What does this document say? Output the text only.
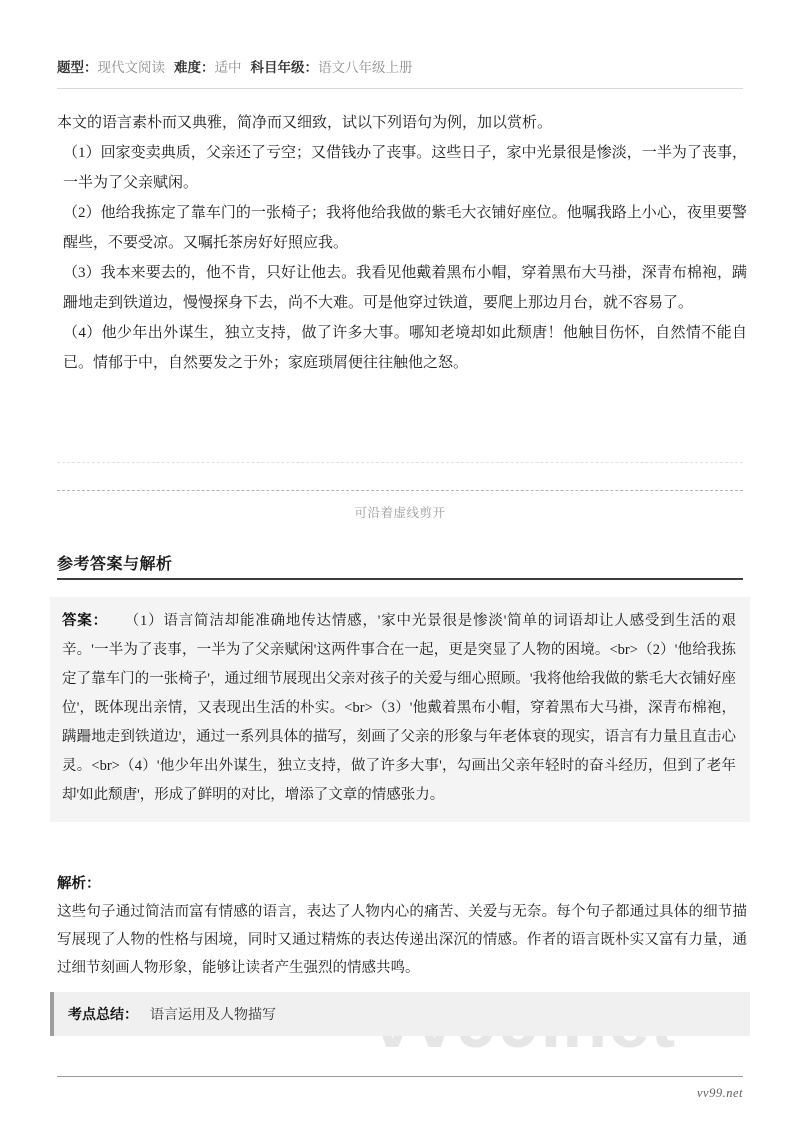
题型：现代文阅读 难度：适中 科目年级：语文八年级上册

本文的语言素朴而又典雅，简净而又细致，试以下列语句为例，加以赏析。

（1）回家变卖典质，父亲还了亏空；又借钱办了丧事。这些日子，家中光景很是惨淡，一半为了丧事，一半为了父亲赋闲。

（2）他给我拣定了靠车门的一张椅子；我将他给我做的紫毛大衣铺好座位。他嘱我路上小心，夜里要警醒些，不要受凉。又嘱托茶房好好照应我。

（3）我本来要去的，他不肯，只好让他去。我看见他戴着黑布小帽，穿着黑布大马褂，深青布棉袍，蹒跚地走到铁道边，慢慢探身下去，尚不大难。可是他穿过铁道，要爬上那边月台，就不容易了。

（4）他少年出外谋生，独立支持，做了许多大事。哪知老境却如此颓唐！他触目伤怀，自然情不能自已。情郁于中，自然要发之于外；家庭琐屑便往往触他之怒。

可沿着虚线剪开
参考答案与解析
答案： （1）语言简洁却能准确地传达情感，'家中光景很是惨淡'简单的词语却让人感受到生活的艰辛。'一半为了丧事，一半为了父亲赋闲'这两件事合在一起，更是突显了人物的困境。<br>（2）'他给我拣定了靠车门的一张椅子'，通过细节展现出父亲对孩子的关爱与细心照顾。'我将他给我做的紫毛大衣铺好座位'，既体现出亲情，又表现出生活的朴实。<br>（3）'他戴着黑布小帽，穿着黑布大马褂，深青布棉袍，蹒跚地走到铁道边'，通过一系列具体的描写，刻画了父亲的形象与年老体衰的现实，语言有力量且直击心灵。<br>（4）'他少年出外谋生，独立支持，做了许多大事'，勾画出父亲年轻时的奋斗经历，但到了老年却'如此颓唐'，形成了鲜明的对比，增添了文章的情感张力。
解析：
这些句子通过简洁而富有情感的语言，表达了人物内心的痛苦、关爱与无奈。每个句子都通过具体的细节描写展现了人物的性格与困境，同时又通过精炼的表达传递出深沉的情感。作者的语言既朴实又富有力量，通过细节刻画人物形象，能够让读者产生强烈的情感共鸣。
考点总结： 语言运用及人物描写
vv99.net
